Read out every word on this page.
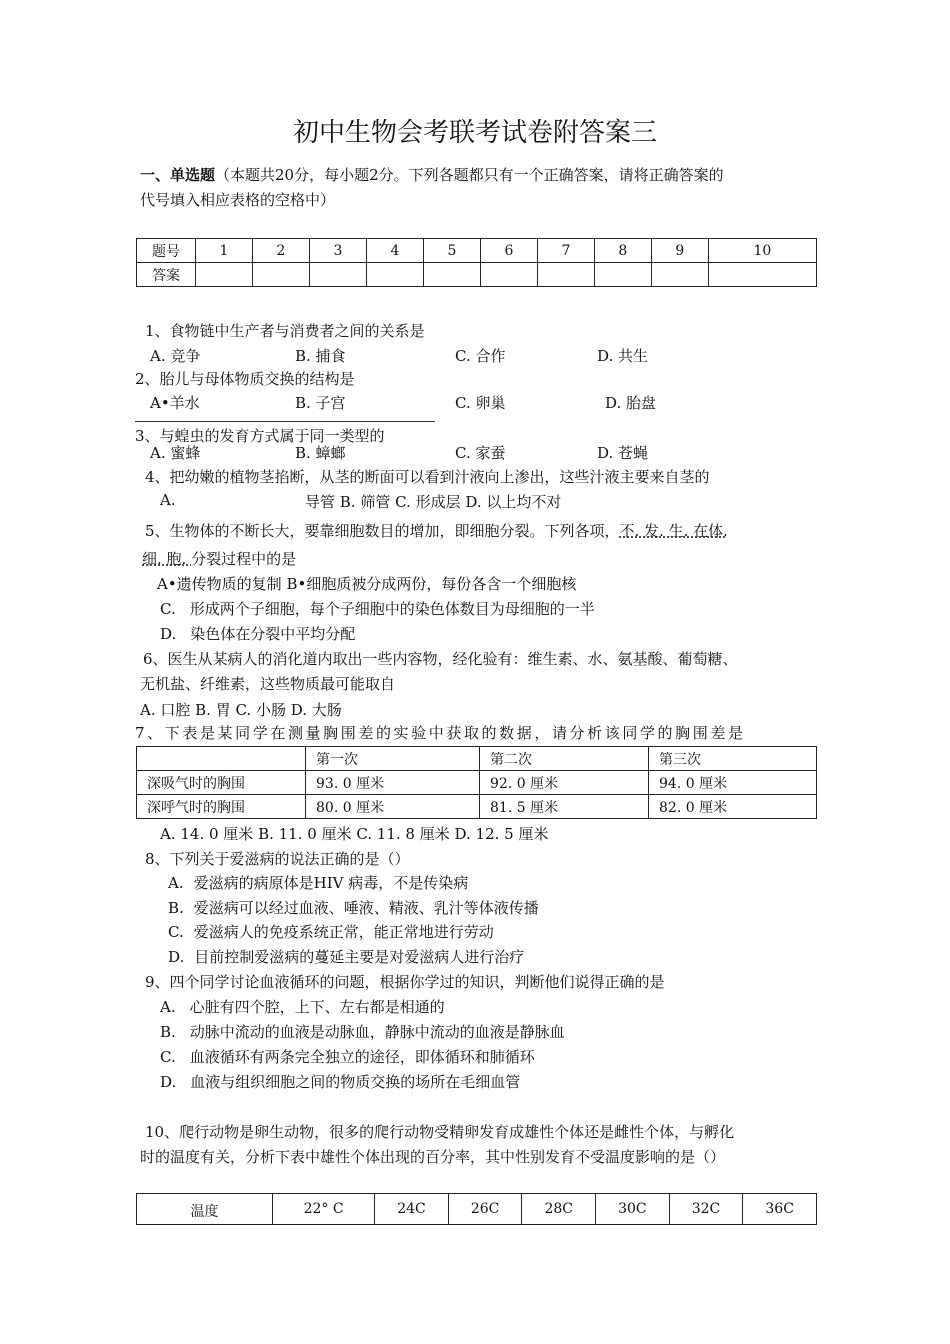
初中生物会考联考试卷附答案三
一、单选题（本题共20分，每小题2分。下列各题都只有一个正确答案，请将正确答案的
代号填入相应表格的空格中）
题号	1	2	3	4	5	6	7	8	9	10
答案										
1、食物链中生产者与消费者之间的关系是
A. 竞争	B. 捕食	C. 合作	D. 共生
2、胎儿与母体物质交换的结构是
A•羊水	B. 子宫	C. 卵巢	D. 胎盘
3、与蝗虫的发育方式属于同一类型的
A. 蜜蜂	B. 蟑螂	C. 家蚕	D. 苍蝇
4、把幼嫩的植物茎掐断，从茎的断面可以看到汁液向上渗出，这些汁液主要来自茎的
A.	导管 B. 筛管 C. 形成层 D. 以上均不对
5、生物体的不断长大，要靠细胞数目的增加，即细胞分裂。下列各项，不. 发. 生. 在体.
细. 胞. 分裂过程中的是
A•遗传物质的复制 B•细胞质被分成两份，每份各含一个细胞核
C. 形成两个子细胞，每个子细胞中的染色体数目为母细胞的一半
D. 染色体在分裂中平均分配
6、医生从某病人的消化道内取出一些内容物，经化验有：维生素、水、氨基酸、葡萄糖、
无机盐、纤维素，这些物质最可能取自
A. 口腔 B. 胃 C. 小肠 D. 大肠
7、下表是某同学在测量胸围差的实验中获取的数据，请分析该同学的胸围差是
	第一次	第二次	第三次
深吸气时的胸围	93. 0 厘米	92. 0 厘米	94. 0 厘米
深呼气时的胸围	80. 0 厘米	81. 5 厘米	82. 0 厘米
A. 14. 0 厘米 B. 11. 0 厘米 C. 11. 8 厘米 D. 12. 5 厘米
8、下列关于爱滋病的说法正确的是（）
A. 爱滋病的病原体是HIV 病毒，不是传染病
B. 爱滋病可以经过血液、唾液、精液、乳汁等体液传播
C. 爱滋病人的免疫系统正常，能正常地进行劳动
D. 目前控制爱滋病的蔓延主要是对爱滋病人进行治疗
9、四个同学讨论血液循环的问题，根据你学过的知识，判断他们说得正确的是
A. 心脏有四个腔，上下、左右都是相通的
B. 动脉中流动的血液是动脉血，静脉中流动的血液是静脉血
C. 血液循环有两条完全独立的途径，即体循环和肺循环
D. 血液与组织细胞之间的物质交换的场所在毛细血管
10、爬行动物是卵生动物，很多的爬行动物受精卵发育成雄性个体还是雌性个体，与孵化
时的温度有关，分析下表中雄性个体出现的百分率，其中性别发育不受温度影响的是（）
温度	22° C	24C	26C	28C	30C	32C	36C
